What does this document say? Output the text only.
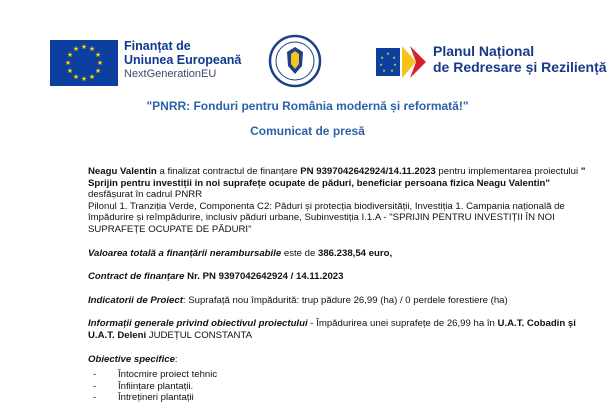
★ ★
★
★
★
★
★
★
★
★
★
★	Finanțat de
Uniunea Europeană
NextGenerationEU
★
★
★
★
★
★
★	Planul Național
de Redresare și Reziliență
"PNRR: Fonduri pentru România modernă și reformată!"
Comunicat de presă

Neagu Valentin a finalizat contractul de finanțare PN 9397042642924/14.11.2023 pentru implementarea proiectului " Sprijin pentru investiții in noi suprafețe ocupate de păduri, beneficiar persoana fizica Neagu Valentin" desfășurat în cadrul PNRR

Pilonul 1. Tranziția Verde, Componenta C2: Păduri și protecția biodiversității, Investiția 1. Campania națională de împădurire și reîmpădurire, inclusiv păduri urbane, Subinvestiția I.1.A - "SPRIJIN PENTRU INVESTIȚII ÎN NOI SUPRAFEȚE OCUPATE DE PĂDURI"

Valoarea totală a finanțării nerambursabile este de 386.238,54 euro,

Contract de finanțare Nr. PN 9397042642924 / 14.11.2023

Indicatorii de Proiect: Suprafață nou împădurită: trup pădure 26,99 (ha) / 0 perdele forestiere (ha)

Informații generale privind obiectivul proiectului - Împădurirea unei suprafețe de 26,99 ha în U.A.T. Cobadin și U.A.T. Deleni JUDEȚUL CONSTANTA

Obiective specifice:

- Întocmire proiect tehnic
- Înființare plantații.
- Întrețineri plantații
